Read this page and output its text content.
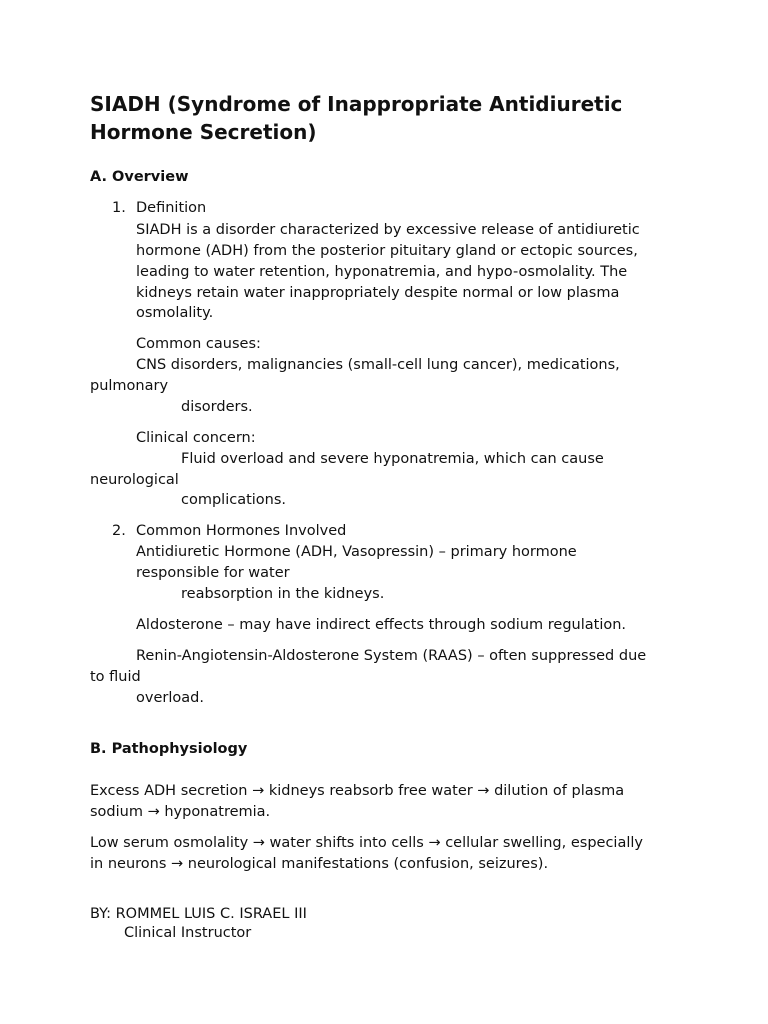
SIADH (Syndrome of Inappropriate Antidiuretic

Hormone Secretion)

A. Overview

1. Definition
SIADH is a disorder characterized by excessive release of antidiuretic
hormone (ADH) from the posterior pituitary gland or ectopic sources,
leading to water retention, hyponatremia, and hypo-osmolality. The
kidneys retain water inappropriately despite normal or low plasma
osmolality.
Common causes:
CNS disorders, malignancies (small-cell lung cancer), medications,
pulmonary
disorders.
Clinical concern:
Fluid overload and severe hyponatremia, which can cause
neurological
complications.
2. Common Hormones Involved
Antidiuretic Hormone (ADH, Vasopressin) – primary hormone
responsible for water
reabsorption in the kidneys.
Aldosterone – may have indirect effects through sodium regulation.
Renin-Angiotensin-Aldosterone System (RAAS) – often suppressed due
to fluid
overload.

B. Pathophysiology

Excess ADH secretion → kidneys reabsorb free water → dilution of plasma
sodium → hyponatremia.
Low serum osmolality → water shifts into cells → cellular swelling, especially
in neurons → neurological manifestations (confusion, seizures).
BY: ROMMEL LUIS C. ISRAEL III
Clinical Instructor
